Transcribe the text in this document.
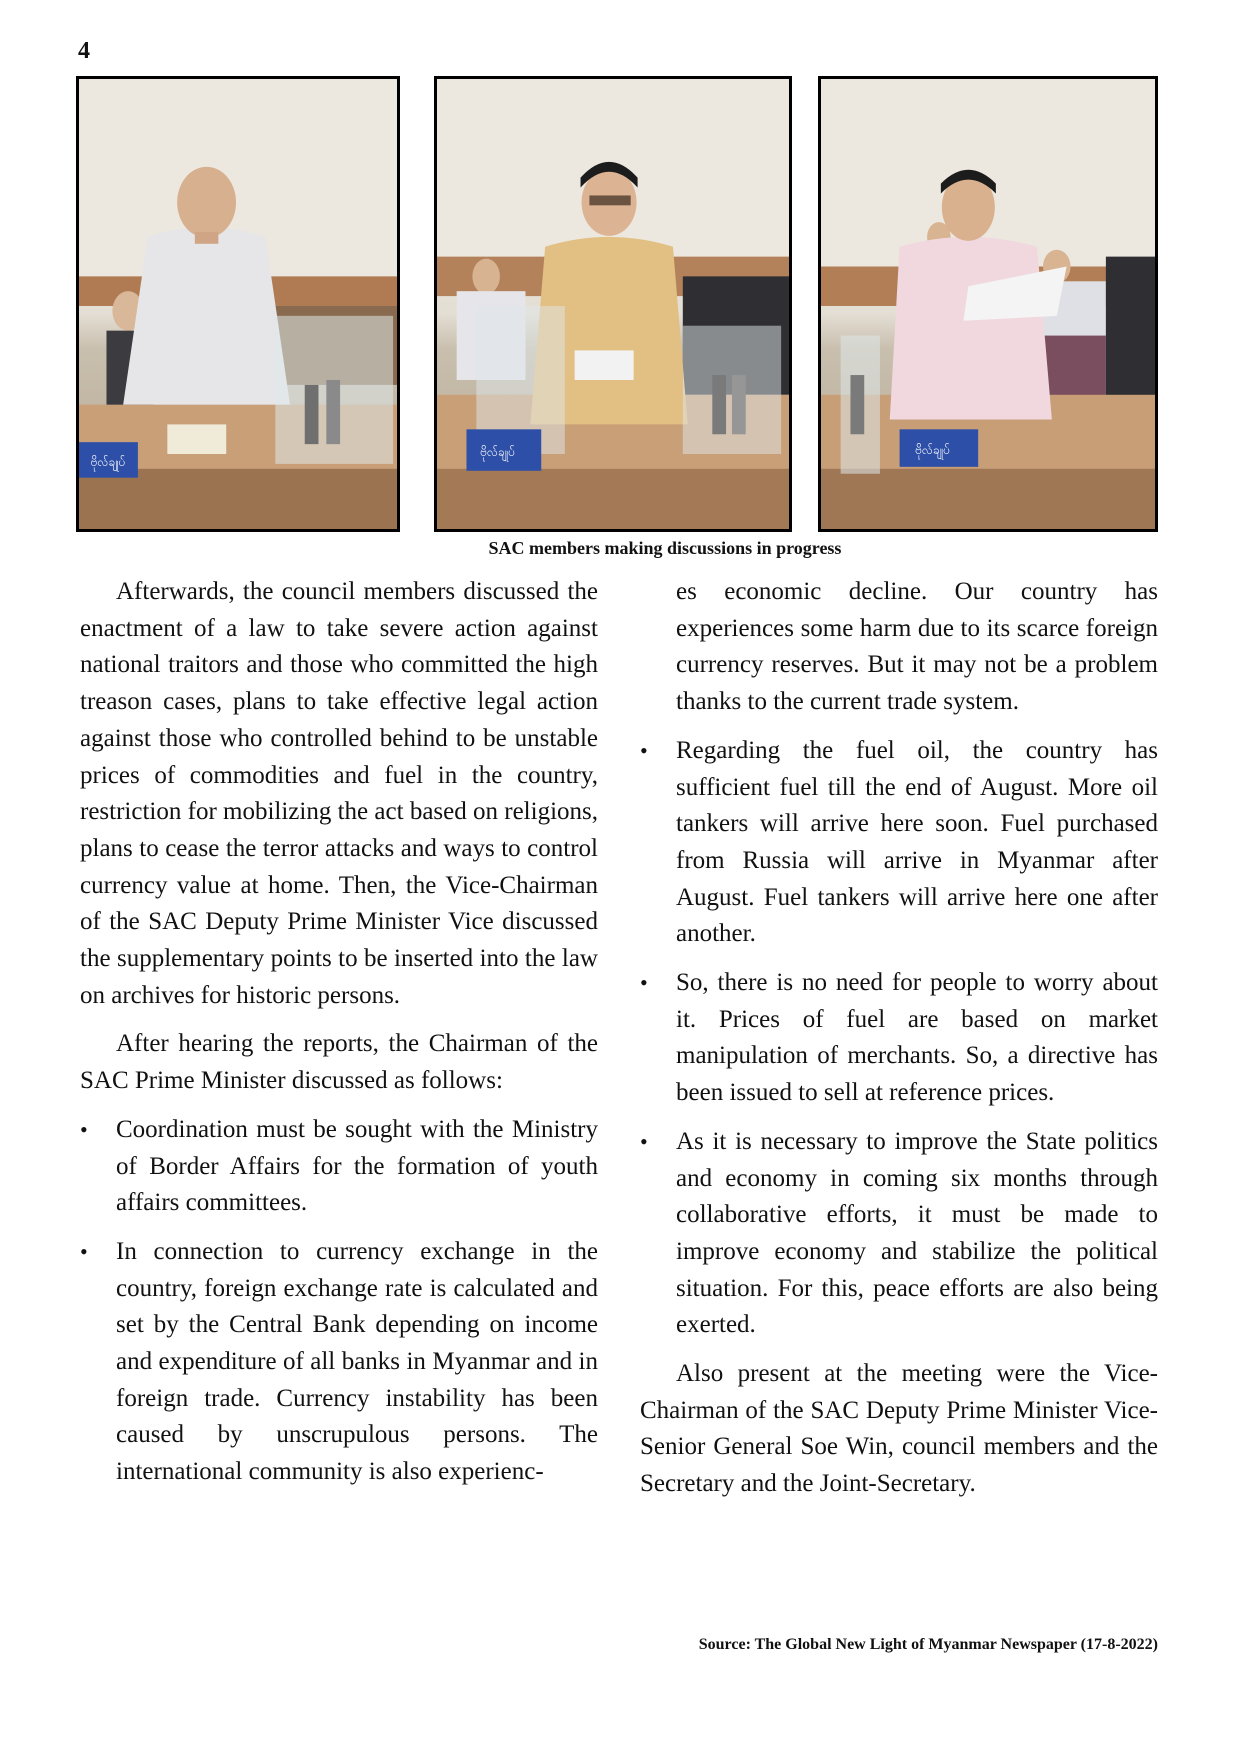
4
ဗိုလ်ချုပ်
ဗိုလ်ချုပ်	ဗိုလ်ချုပ်
SAC members making discussions in progress

Afterwards, the council members discussed the enactment of a law to take severe action against national traitors and those who committed the high treason cases, plans to take effective legal action against those who controlled behind to be unstable prices of commodities and fuel in the country, restriction for mobilizing the act based on religions, plans to cease the terror attacks and ways to control currency value at home. Then, the Vice-Chairman of the SAC Deputy Prime Minister Vice discussed the supplementary points to be inserted into the law on archives for historic persons.

After hearing the reports, the Chairman of the SAC Prime Minister discussed as follows:

• Coordination must be sought with the Ministry of Border Affairs for the formation of youth affairs committees.
• In connection to currency exchange in the country, foreign exchange rate is calculated and set by the Central Bank depending on income and expenditure of all banks in Myanmar and in foreign trade. Currency instability has been caused by unscrupulous persons. The international community is also experienc-
es economic decline. Our country has experiences some harm due to its scarce foreign currency reserves. But it may not be a problem thanks to the current trade system.
• Regarding the fuel oil, the country has sufficient fuel till the end of August. More oil tankers will arrive here soon. Fuel purchased from Russia will arrive in Myanmar after August. Fuel tankers will arrive here one after another.
• So, there is no need for people to worry about it. Prices of fuel are based on market manipulation of merchants. So, a directive has been issued to sell at reference prices.
• As it is necessary to improve the State politics and economy in coming six months through collaborative efforts, it must be made to improve economy and stabilize the political situation. For this, peace efforts are also being exerted.

Also present at the meeting were the Vice-Chairman of the SAC Deputy Prime Minister Vice-Senior General Soe Win, council members and the Secretary and the Joint-Secretary.

Source: The Global New Light of Myanmar Newspaper (17-8-2022)
